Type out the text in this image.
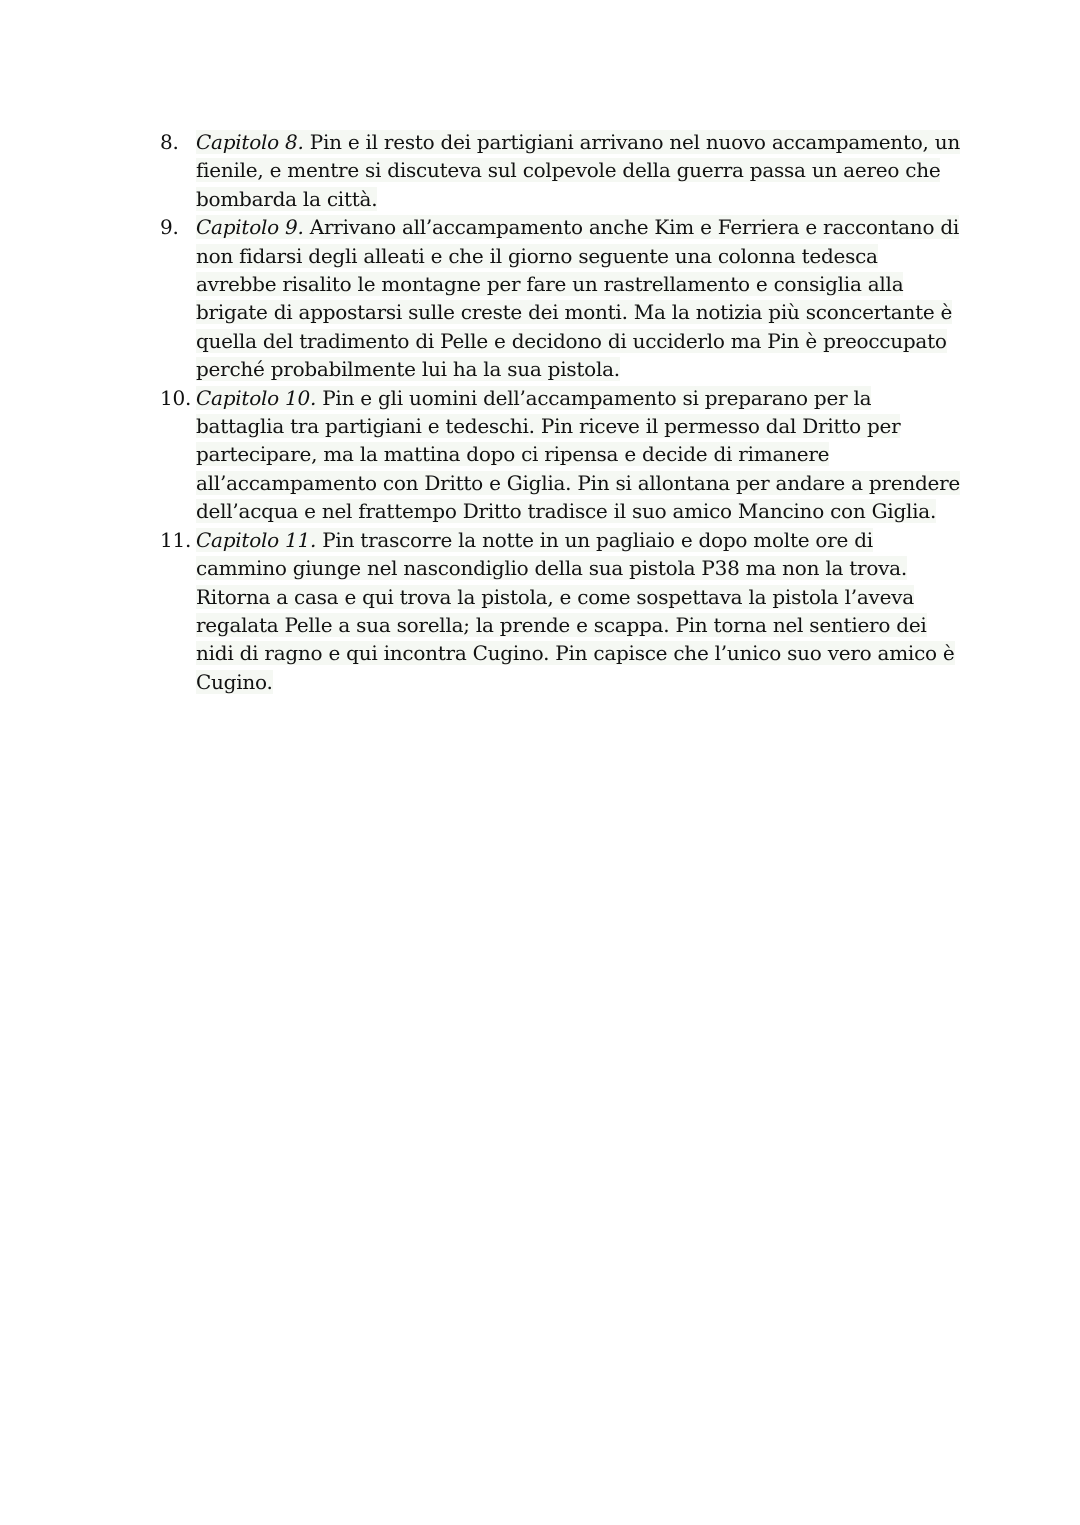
8. Capitolo 8. Pin e il resto dei partigiani arrivano nel nuovo accampamento, un fienile, e mentre si discuteva sul colpevole della guerra passa un aereo che bombarda la città.
9. Capitolo 9. Arrivano all’accampamento anche Kim e Ferriera e raccontano di non fidarsi degli alleati e che il giorno seguente una colonna tedesca avrebbe risalito le montagne per fare un rastrellamento e consiglia alla brigate di appostarsi sulle creste dei monti. Ma la notizia più sconcertante è quella del tradimento di Pelle e decidono di ucciderlo ma Pin è preoccupato perché probabilmente lui ha la sua pistola.
10. Capitolo 10. Pin e gli uomini dell’accampamento si preparano per la battaglia tra partigiani e tedeschi. Pin riceve il permesso dal Dritto per partecipare, ma la mattina dopo ci ripensa e decide di rimanere all’accampamento con Dritto e Giglia. Pin si allontana per andare a prendere dell’acqua e nel frattempo Dritto tradisce il suo amico Mancino con Giglia.
11. Capitolo 11. Pin trascorre la notte in un pagliaio e dopo molte ore di cammino giunge nel nascondiglio della sua pistola P38 ma non la trova. Ritorna a casa e qui trova la pistola, e come sospettava la pistola l’aveva regalata Pelle a sua sorella; la prende e scappa. Pin torna nel sentiero dei nidi di ragno e qui incontra Cugino. Pin capisce che l’unico suo vero amico è Cugino.
